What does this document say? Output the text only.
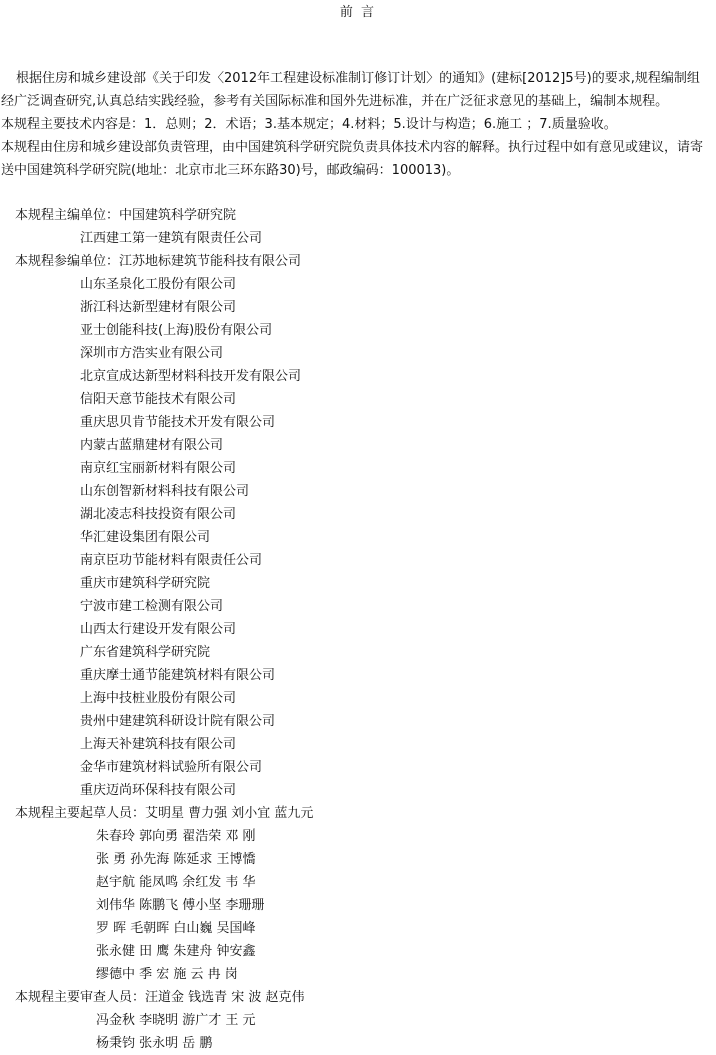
前 言

根据住房和城乡建设部《关于印发〈2012年工程建设标准制订修订计划〉的通知》(建标[2012]5号)的要求,规程编制组经广泛调查研究,认真总结实践经验，参考有关国际标准和国外先进标准，并在广泛征求意见的基础上，编制本规程。

本规程主要技术内容是：1．总则；2．术语；3.基本规定；4.材料；5.设计与构造；6.施工 ；7.质量验收。

本规程由住房和城乡建设部负责管理，由中国建筑科学研究院负责具体技术内容的解释。执行过程中如有意见或建议，请寄送中国建筑科学研究院(地址：北京市北三环东路30)号，邮政编码：100013)。

本规程主编单位：中国建筑科学研究院
江西建工第一建筑有限责任公司
本规程参编单位：江苏地标建筑节能科技有限公司
山东圣泉化工股份有限公司
浙江科达新型建材有限公司
亚士创能科技(上海)股份有限公司
深圳市方浩实业有限公司
北京宣成达新型材料科技开发有限公司
信阳天意节能技术有限公司
重庆思贝肯节能技术开发有限公司
内蒙古蓝鼎建材有限公司
南京红宝丽新材料有限公司
山东创智新材料科技有限公司
湖北凌志科技投资有限公司
华汇建设集团有限公司
南京臣功节能材料有限责任公司
重庆市建筑科学研究院
宁波市建工检测有限公司
山西太行建设开发有限公司
广东省建筑科学研究院
重庆摩士通节能建筑材料有限公司
上海中技桩业股份有限公司
贵州中建建筑科研设计院有限公司
上海天补建筑科技有限公司
金华市建筑材料试验所有限公司
重庆迈尚环保科技有限公司
本规程主要起草人员：艾明星 曹力强 刘小宜 蓝九元
朱春玲 郭向勇 翟浩荣 邓 刚
张 勇 孙先海 陈延求 王博憍
赵宇航 能凤鸣 余红发 韦 华
刘伟华 陈鹏飞 傅小坚 李珊珊
罗 晖 毛朝晖 白山巍 吴国峰
张永健 田 鹰 朱建舟 钟安鑫
缪德中 季 宏 施 云 冉 岗
本规程主要审查人员：汪道金 钱选青 宋 波 赵克伟
冯金秋 李晓明 游广才 王 元
杨秉钧 张永明 岳 鹏
